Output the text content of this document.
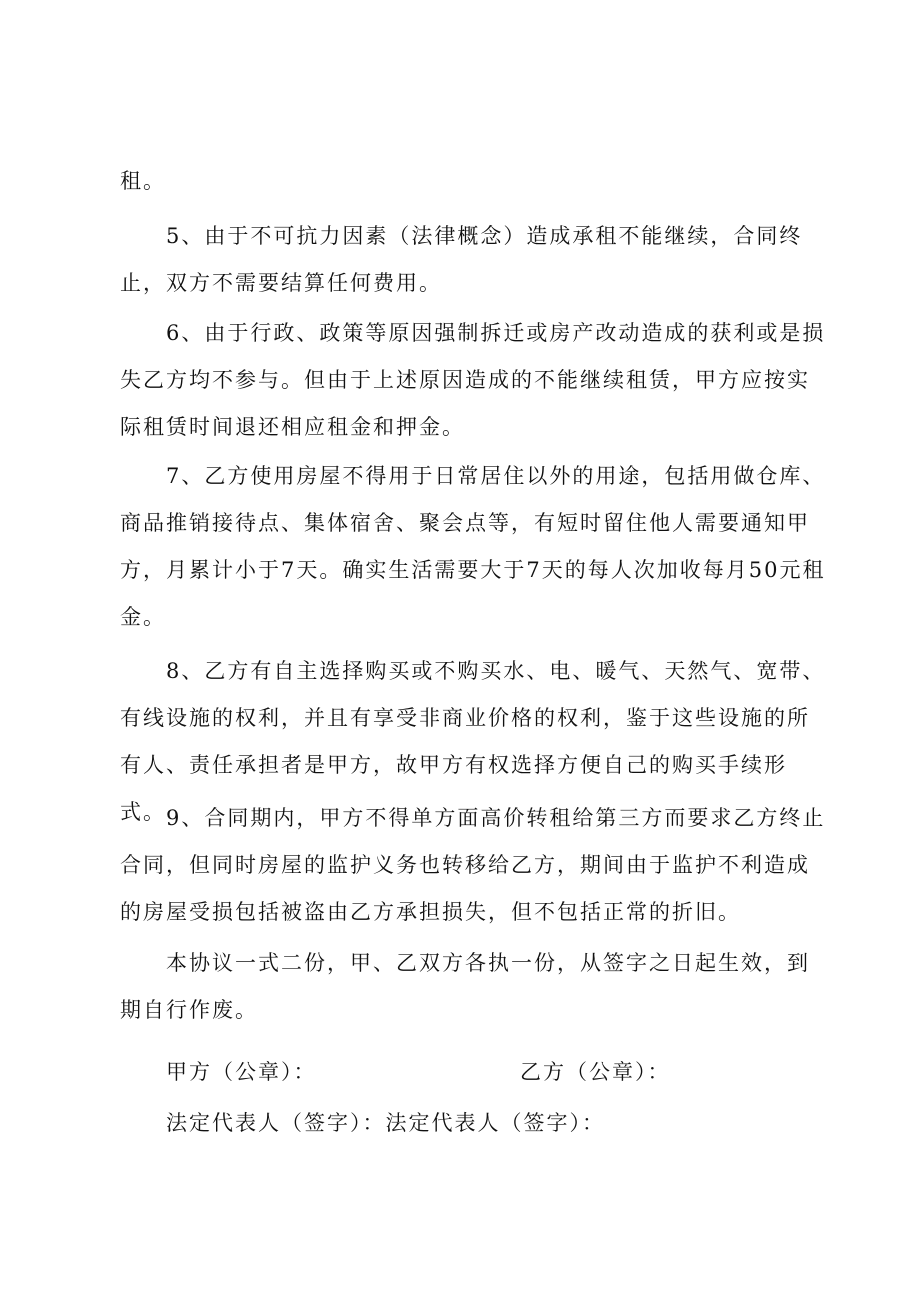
租。

5、由于不可抗力因素（法律概念）造成承租不能继续，合同终止，双方不需要结算任何费用。

6、由于行政、政策等原因强制拆迁或房产改动造成的获利或是损失乙方均不参与。但由于上述原因造成的不能继续租赁，甲方应按实际租赁时间退还相应租金和押金。

7、乙方使用房屋不得用于日常居住以外的用途，包括用做仓库、商品推销接待点、集体宿舍、聚会点等，有短时留住他人需要通知甲方，月累计小于7天。确实生活需要大于7天的每人次加收每月50元租金。

8、乙方有自主选择购买或不购买水、电、暖气、天然气、宽带、有线设施的权利，并且有享受非商业价格的权利，鉴于这些设施的所有人、责任承担者是甲方，故甲方有权选择方便自己的购买手续形式。 9、合同期内，甲方不得单方面高价转租给第三方而要求乙方终止合同，但同时房屋的监护义务也转移给乙方，期间由于监护不利造成的房屋受损包括被盗由乙方承担损失，但不包括正常的折旧。

本协议一式二份，甲、乙双方各执一份，从签字之日起生效，到期自行作废。

甲方（公章）：	乙方（公章）：

法定代表人（签字）：法定代表人（签字）：
